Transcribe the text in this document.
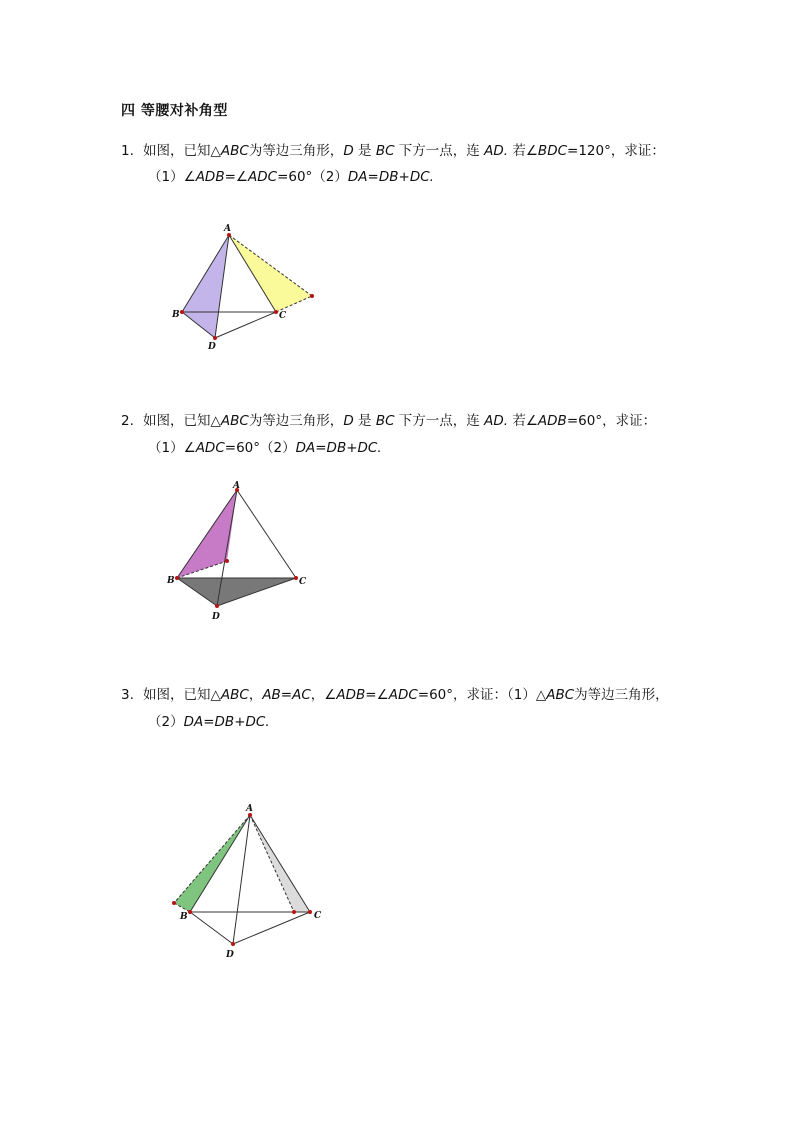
四 等腰对补角型
1. 如图，已知△ABC为等边三角形，D 是 BC 下方一点，连 AD. 若∠BDC=120°，求证：
（1）∠ADB=∠ADC=60°（2）DA=DB+DC.
A
B	C
D
2. 如图，已知△ABC为等边三角形，D 是 BC 下方一点，连 AD. 若∠ADB=60°，求证：
（1）∠ADC=60°（2）DA=DB+DC.
A
B	C
D
3. 如图，已知△ABC，AB=AC，∠ADB=∠ADC=60°，求证：（1）△ABC为等边三角形，
（2）DA=DB+DC.
A
B	C
D
